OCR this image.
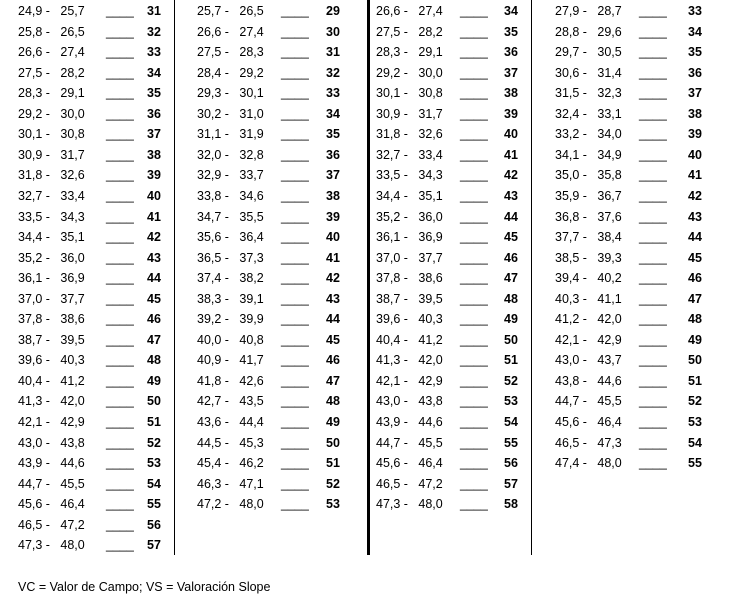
24,9 -   25,7 ____ 31
25,8 -   26,5 ____ 32
26,6 -   27,4 ____ 33
27,5 -   28,2 ____ 34
28,3 -   29,1 ____ 35
29,2 -   30,0 ____ 36
30,1 -   30,8 ____ 37
30,9 -   31,7 ____ 38
31,8 -   32,6 ____ 39
32,7 -   33,4 ____ 40
33,5 -   34,3 ____ 41
34,4 -   35,1 ____ 42
35,2 -   36,0 ____ 43
36,1 -   36,9 ____ 44
37,0 -   37,7 ____ 45
37,8 -   38,6 ____ 46
38,7 -   39,5 ____ 47
39,6 -   40,3 ____ 48
40,4 -   41,2 ____ 49
41,3 -   42,0 ____ 50
42,1 -   42,9 ____ 51
43,0 -   43,8 ____ 52
43,9 -   44,6 ____ 53
44,7 -   45,5 ____ 54
45,6 -   46,4 ____ 55
46,5 -   47,2 ____ 56
47,3 -   48,0 ____ 57
25,7 -   26,5 ____ 29
26,6 -   27,4 ____ 30
27,5 -   28,3 ____ 31
28,4 -   29,2 ____ 32
29,3 -   30,1 ____ 33
30,2 -   31,0 ____ 34
31,1 -   31,9 ____ 35
32,0 -   32,8 ____ 36
32,9 -   33,7 ____ 37
33,8 -   34,6 ____ 38
34,7 -   35,5 ____ 39
35,6 -   36,4 ____ 40
36,5 -   37,3 ____ 41
37,4 -   38,2 ____ 42
38,3 -   39,1 ____ 43
39,2 -   39,9 ____ 44
40,0 -   40,8 ____ 45
40,9 -   41,7 ____ 46
41,8 -   42,6 ____ 47
42,7 -   43,5 ____ 48
43,6 -   44,4 ____ 49
44,5 -   45,3 ____ 50
45,4 -   46,2 ____ 51
46,3 -   47,1 ____ 52
47,2 -   48,0 ____ 53
26,6 -   27,4 ____ 34
27,5 -   28,2 ____ 35
28,3 -   29,1 ____ 36
29,2 -   30,0 ____ 37
30,1 -   30,8 ____ 38
30,9 -   31,7 ____ 39
31,8 -   32,6 ____ 40
32,7 -   33,4 ____ 41
33,5 -   34,3 ____ 42
34,4 -   35,1 ____ 43
35,2 -   36,0 ____ 44
36,1 -   36,9 ____ 45
37,0 -   37,7 ____ 46
37,8 -   38,6 ____ 47
38,7 -   39,5 ____ 48
39,6 -   40,3 ____ 49
40,4 -   41,2 ____ 50
41,3 -   42,0 ____ 51
42,1 -   42,9 ____ 52
43,0 -   43,8 ____ 53
43,9 -   44,6 ____ 54
44,7 -   45,5 ____ 55
45,6 -   46,4 ____ 56
46,5 -   47,2 ____ 57
47,3 -   48,0 ____ 58
27,9 -   28,7 ____ 33
28,8 -   29,6 ____ 34
29,7 -   30,5 ____ 35
30,6 -   31,4 ____ 36
31,5 -   32,3 ____ 37
32,4 -   33,1 ____ 38
33,2 -   34,0 ____ 39
34,1 -   34,9 ____ 40
35,0 -   35,8 ____ 41
35,9 -   36,7 ____ 42
36,8 -   37,6 ____ 43
37,7 -   38,4 ____ 44
38,5 -   39,3 ____ 45
39,4 -   40,2 ____ 46
40,3 -   41,1 ____ 47
41,2 -   42,0 ____ 48
42,1 -   42,9 ____ 49
43,0 -   43,7 ____ 50
43,8 -   44,6 ____ 51
44,7 -   45,5 ____ 52
45,6 -   46,4 ____ 53
46,5 -   47,3 ____ 54
47,4 -   48,0 ____ 55
VC = Valor de Campo; VS = Valoración Slope
